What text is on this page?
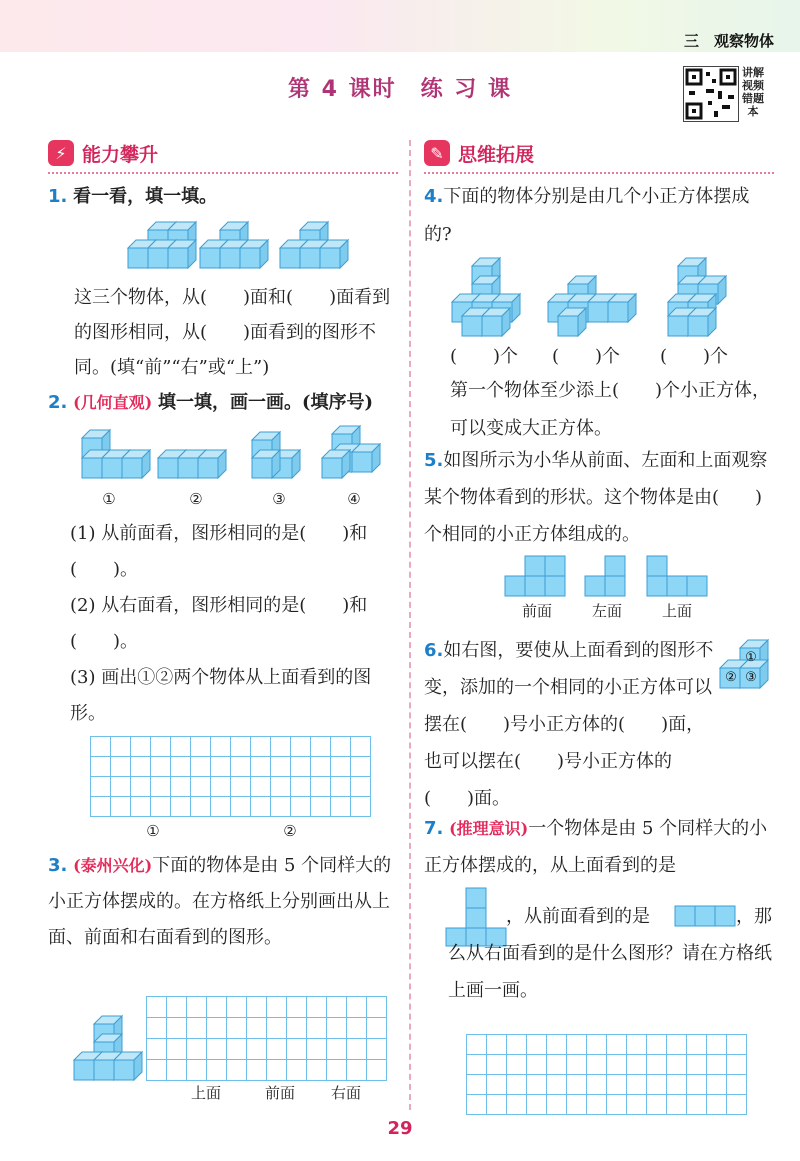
三　观察物体
第 4 课时　练 习 课
讲解视频错题本
⚡ 能力攀升
1. 看一看，填一填。
这三个物体，从(　　)面和(　　)面看到的图形相同，从(　　)面看到的图形不同。(填“前”“右”或“上”)
2. (几何直观) 填一填，画一画。(填序号)
①	②	③	④
(1) 从前面看，图形相同的是(　　)和(　　)。
(2) 从右面看，图形相同的是(　　)和(　　)。
(3) 画出①②两个物体从上面看到的图形。
①	②
3. (泰州兴化)下面的物体是由 5 个同样大的小正方体摆成的。在方格纸上分别画出从上面、前面和右面看到的图形。
上面	前面	右面
✎ 思维拓展
4.下面的物体分别是由几个小正方体摆成的?
(　　)个	(　　)个	(　　)个
第一个物体至少添上(　　)个小正方体，可以变成大正方体。
5.如图所示为小华从前面、左面和上面观察某个物体看到的形状。这个物体是由(　　)个相同的小正方体组成的。
前面	左面	上面
6.如右图，要使从上面看到的图形不变，添加的一个相同的小正方体可以摆在(　　)号小正方体的(　　)面，也可以摆在(　　)号小正方体的(　　)面。
①
② ③
7. (推理意识)一个物体是由 5 个同样大的小正方体摆成的，从上面看到的是
，从前面看到的是	，那么从右面看到的是什么图形？请在方格纸上画一画。
29
